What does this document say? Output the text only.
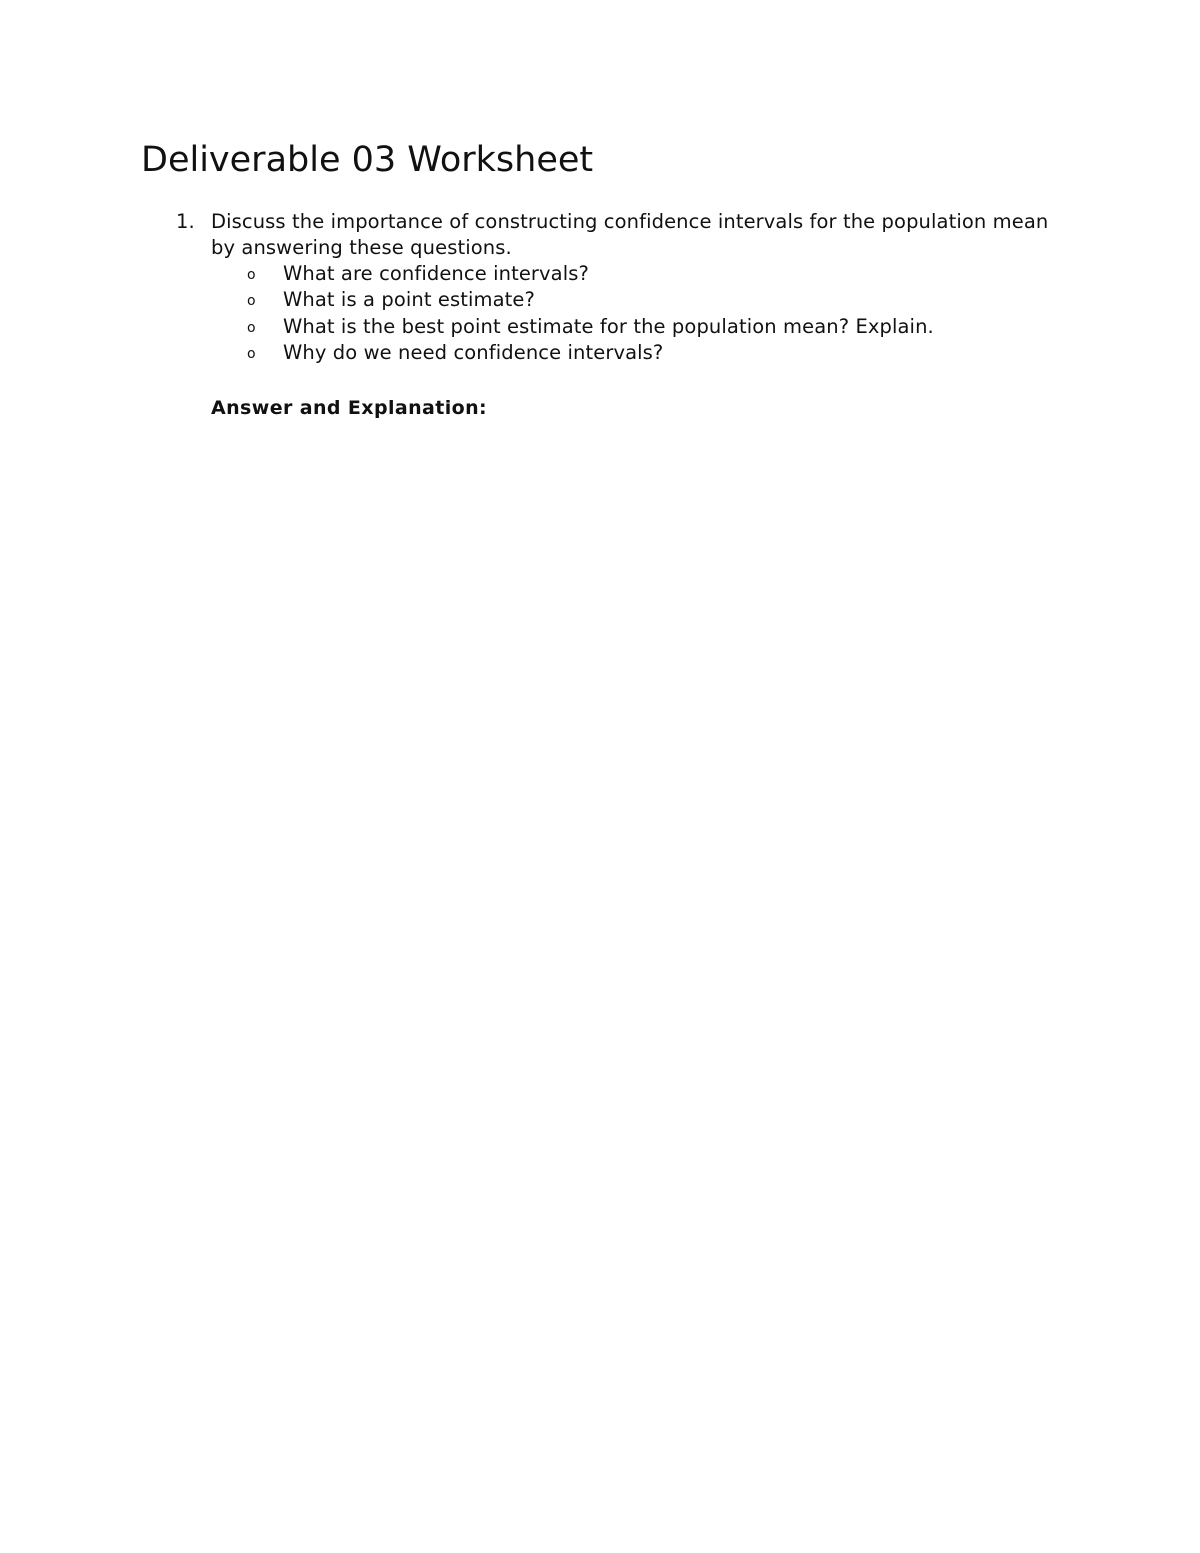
Deliverable 03 Worksheet
1. Discuss the importance of constructing confidence intervals for the population mean by answering these questions.
o What are confidence intervals?
o What is a point estimate?
o What is the best point estimate for the population mean? Explain.
o Why do we need confidence intervals?
Answer and Explanation:
